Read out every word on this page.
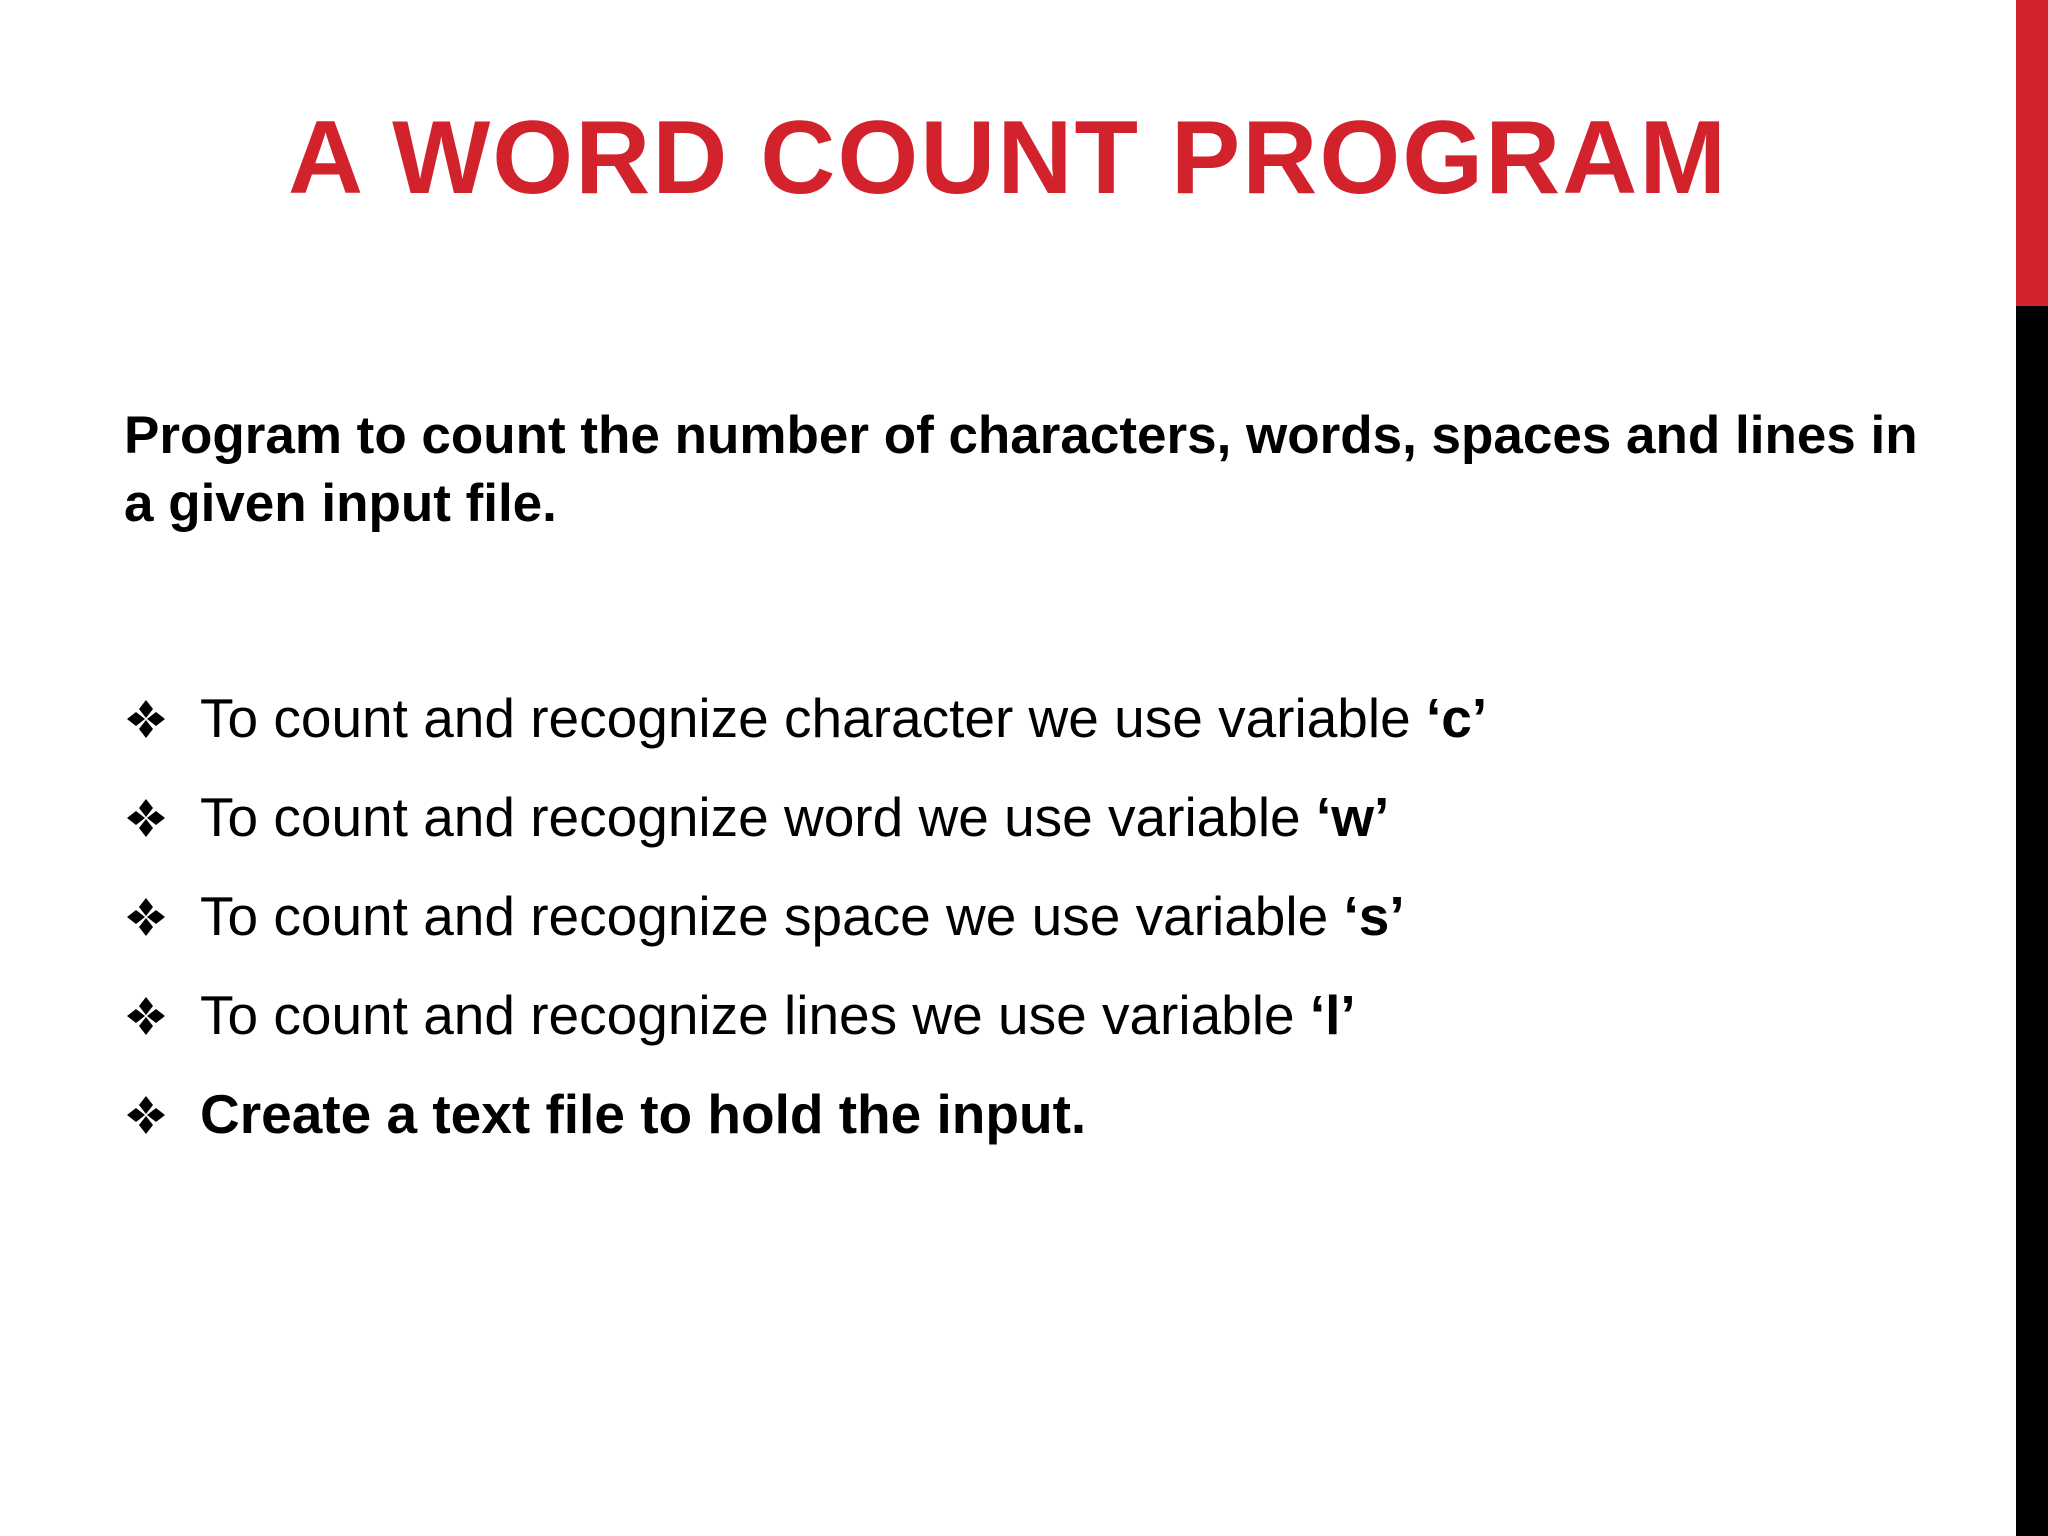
A WORD COUNT PROGRAM

Program to count the number of characters, words, spaces and lines in a given input file.

To count and recognize character we use variable ‘c’
To count and recognize word we use variable ‘w’
To count and recognize space we use variable ‘s’
To count and recognize lines we use variable ‘l’
Create a text file to hold the input.
